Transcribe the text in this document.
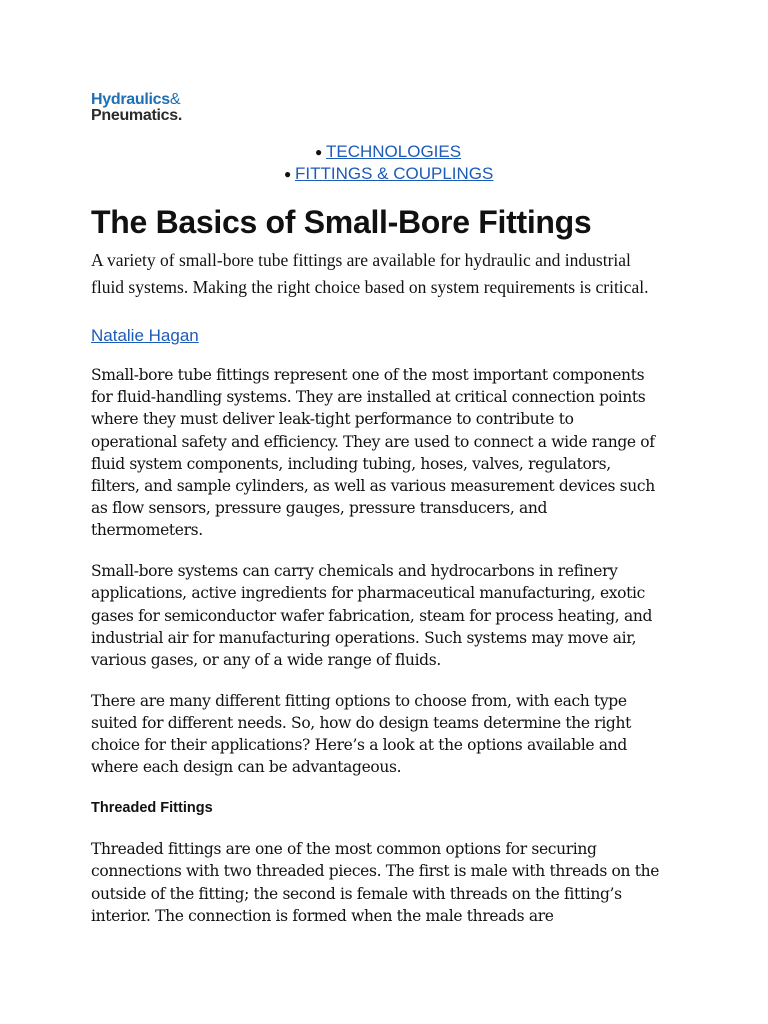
Hydraulics&
Pneumatics.
● TECHNOLOGIES
● FITTINGS & COUPLINGS
The Basics of Small-Bore Fittings

A variety of small-bore tube fittings are available for hydraulic and industrial fluid systems. Making the right choice based on system requirements is critical.

Natalie Hagan

Small-bore tube fittings represent one of the most important components for fluid-handling systems. They are installed at critical connection points where they must deliver leak-tight performance to contribute to operational safety and efficiency. They are used to connect a wide range of fluid system components, including tubing, hoses, valves, regulators, filters, and sample cylinders, as well as various measurement devices such as flow sensors, pressure gauges, pressure transducers, and thermometers.

Small-bore systems can carry chemicals and hydrocarbons in refinery applications, active ingredients for pharmaceutical manufacturing, exotic gases for semiconductor wafer fabrication, steam for process heating, and industrial air for manufacturing operations. Such systems may move air, various gases, or any of a wide range of fluids.

There are many different fitting options to choose from, with each type suited for different needs. So, how do design teams determine the right choice for their applications? Here’s a look at the options available and where each design can be advantageous.

Threaded Fittings

Threaded fittings are one of the most common options for securing connections with two threaded pieces. The first is male with threads on the outside of the fitting; the second is female with threads on the fitting’s interior. The connection is formed when the male threads are
